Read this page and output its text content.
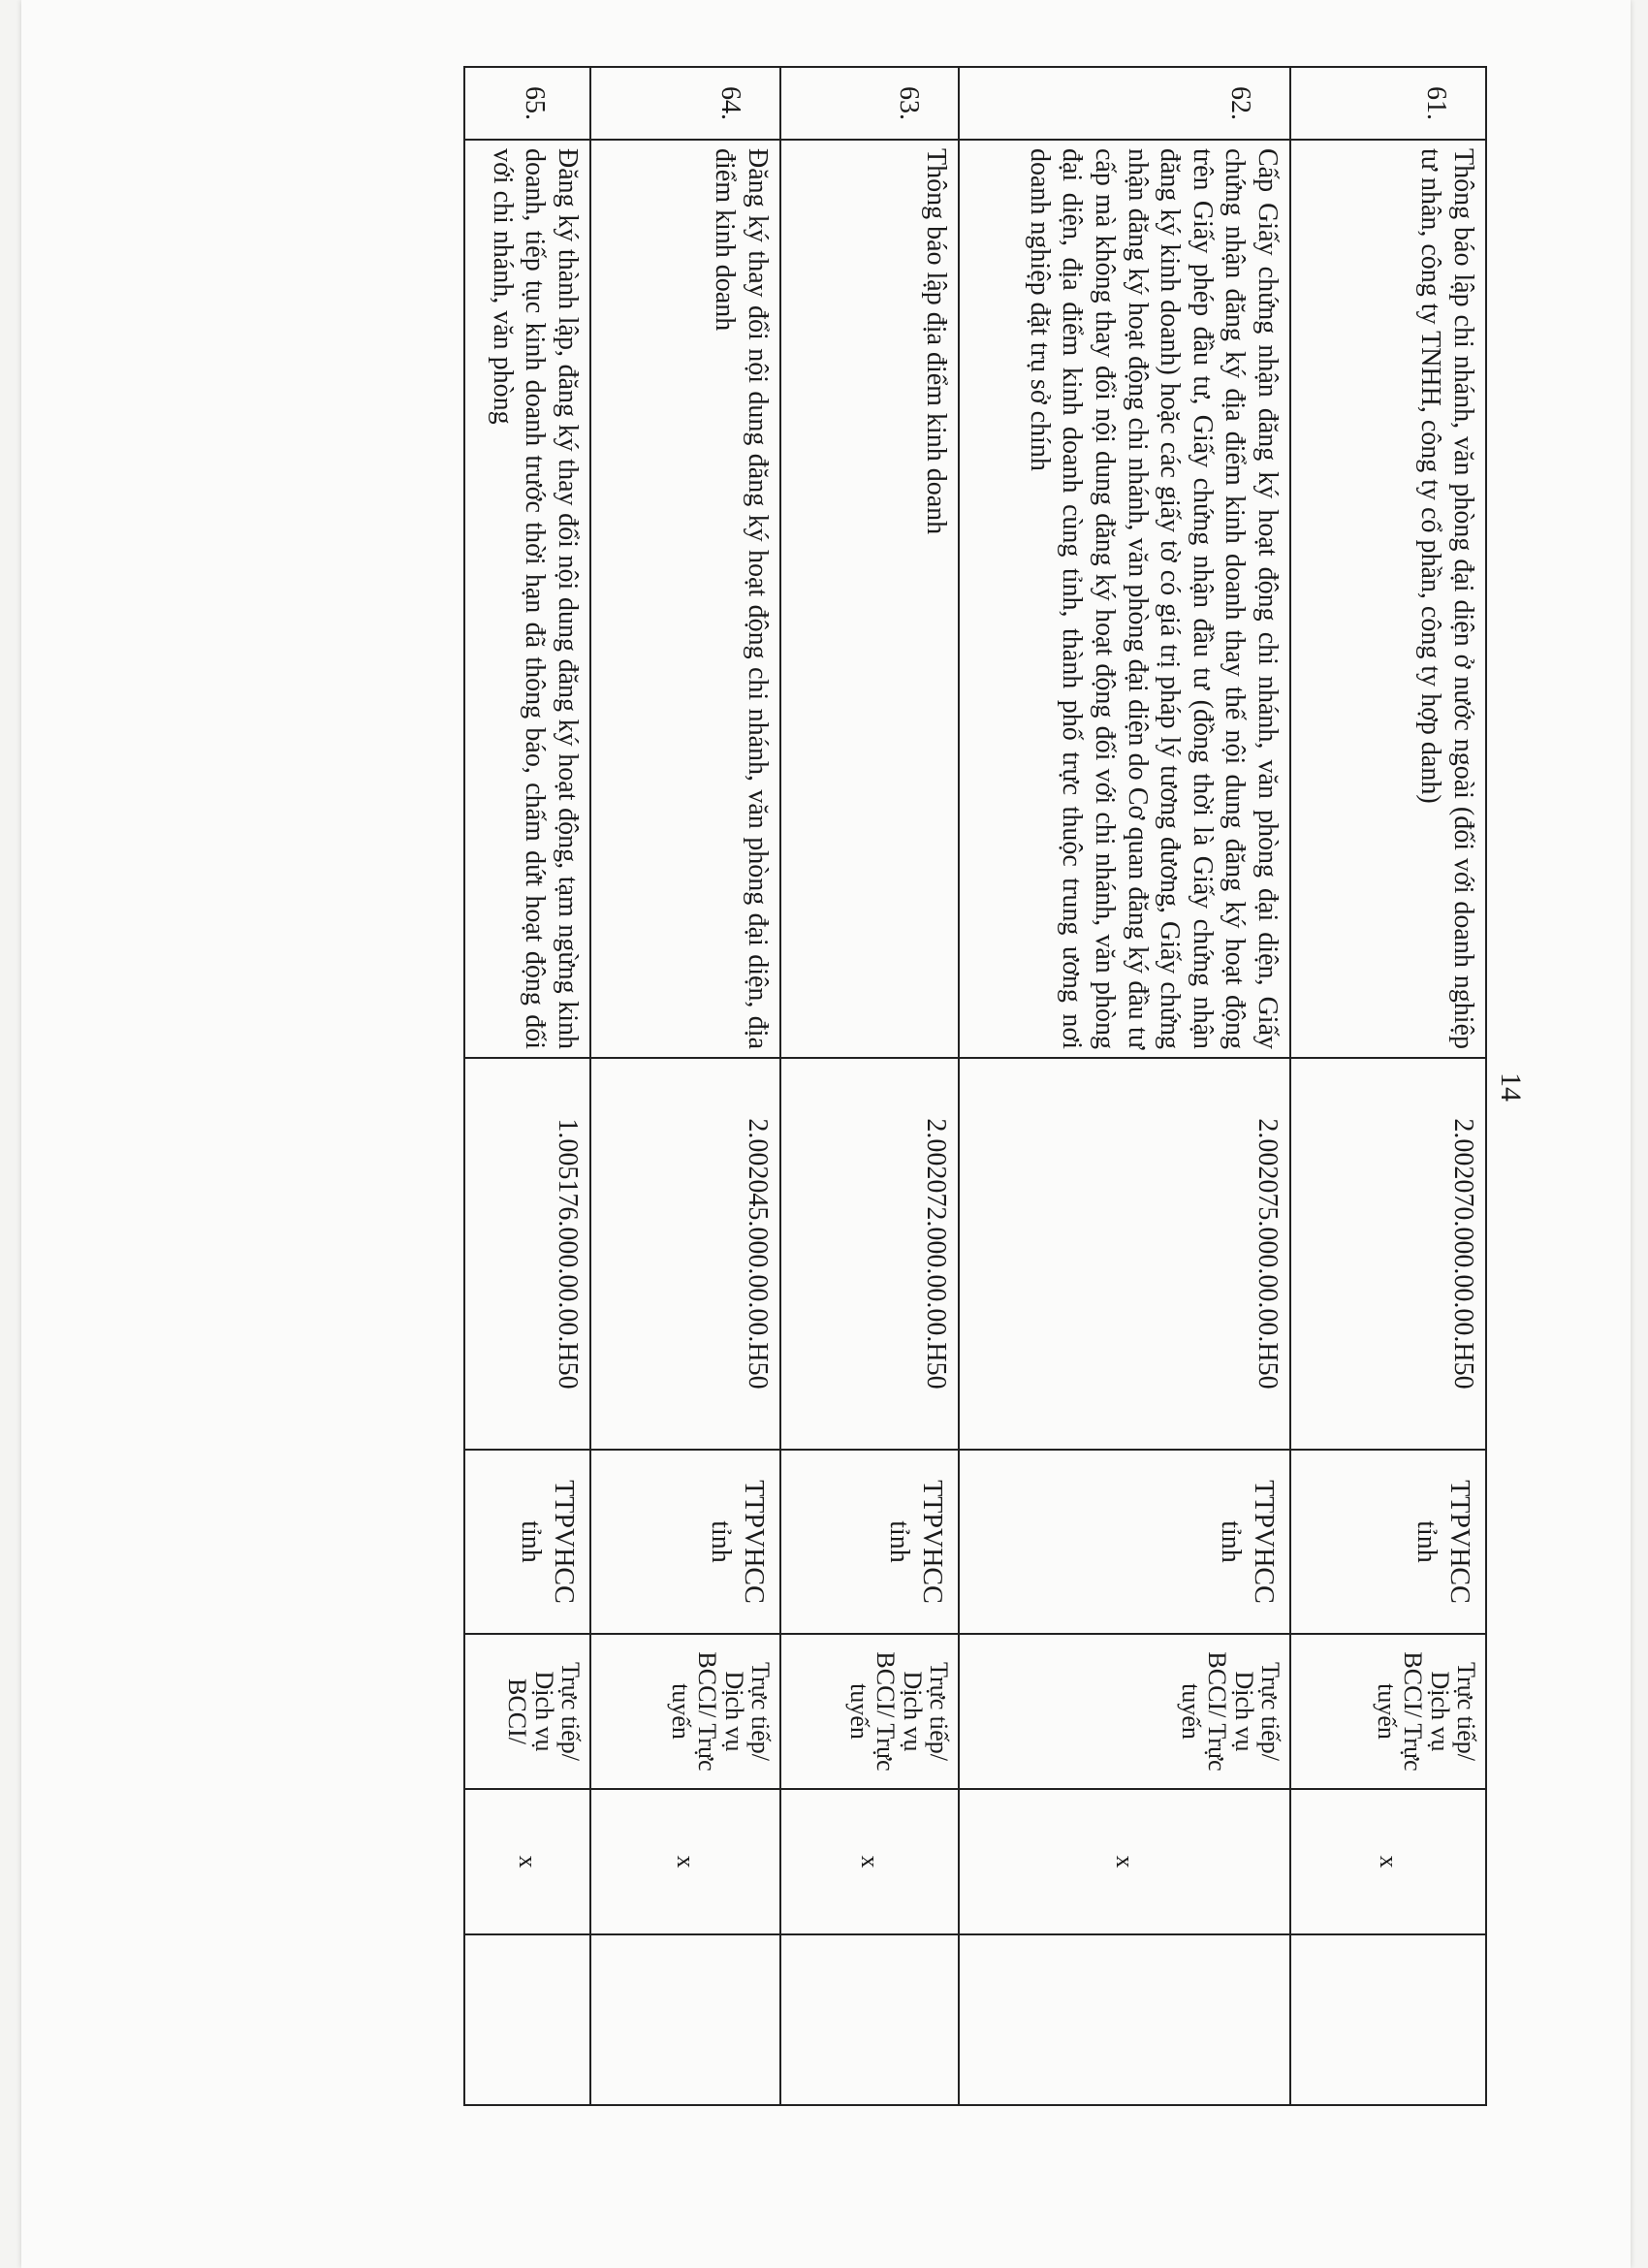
14
61.	Thông báo lập chi nhánh, văn phòng đại diện ở nước ngoài (đối với doanh nghiệp tư nhân, công ty TNHH, công ty cổ phần, công ty hợp danh)	2.002070.000.00.00.H50	TTPVHCC tỉnh	Trực tiếp/ Dịch vụ BCCI/ Trực tuyến	x	
62.	Cấp Giấy chứng nhận đăng ký hoạt động chi nhánh, văn phòng đại diện, Giấy chứng nhận đăng ký địa điểm kinh doanh thay thế nội dung đăng ký hoạt động trên Giấy phép đầu tư, Giấy chứng nhận đầu tư (đồng thời là Giấy chứng nhận đăng ký kinh doanh) hoặc các giấy tờ có giá trị pháp lý tương đương, Giấy chứng nhận đăng ký hoạt động chi nhánh, văn phòng đại diện do Cơ quan đăng ký đầu tư cấp mà không thay đổi nội dung đăng ký hoạt động đối với chi nhánh, văn phòng đại diện, địa điểm kinh doanh cùng tỉnh, thành phố trực thuộc trung ương nơi doanh nghiệp đặt trụ sở chính	2.002075.000.00.00.H50	TTPVHCC tỉnh	Trực tiếp/ Dịch vụ BCCI/ Trực tuyến	x	
63.	Thông báo lập địa điểm kinh doanh	2.002072.000.00.00.H50	TTPVHCC tỉnh	Trực tiếp/ Dịch vụ BCCI/ Trực tuyến	x	
64.	Đăng ký thay đổi nội dung đăng ký hoạt động chi nhánh, văn phòng đại diện, địa điểm kinh doanh	2.002045.000.00.00.H50	TTPVHCC tỉnh	Trực tiếp/ Dịch vụ BCCI/ Trực tuyến	x	
65.	Đăng ký thành lập, đăng ký thay đổi nội dung đăng ký hoạt động, tạm ngừng kinh doanh, tiếp tục kinh doanh trước thời hạn đã thông báo, chấm dứt hoạt động đối với chi nhánh, văn phòng	1.005176.000.00.00.H50	TTPVHCC tỉnh	Trực tiếp/ Dịch vụ BCCI/	x	
